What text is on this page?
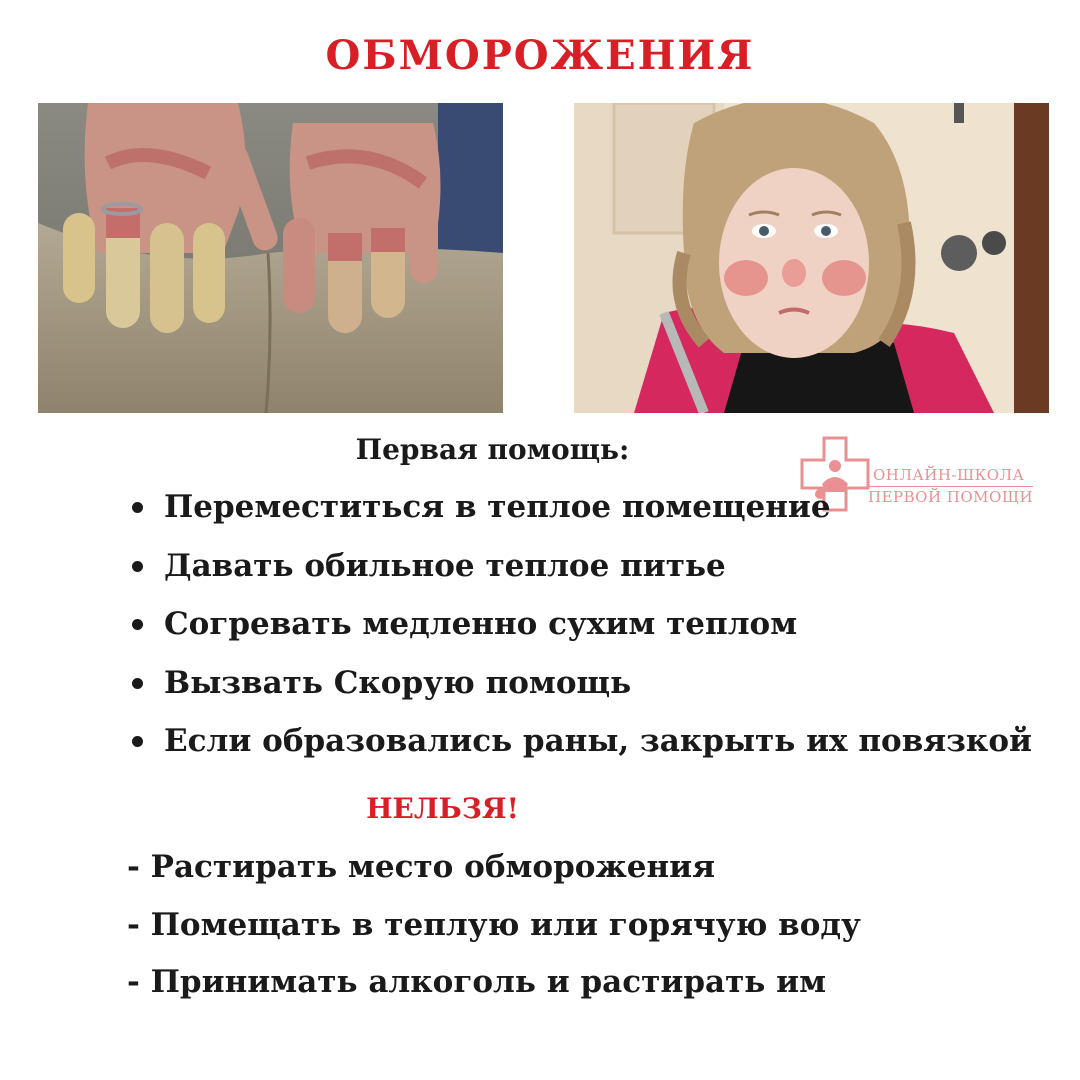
ОБМОРОЖЕНИЯ
ОНЛАЙН-ШКОЛА
ПЕРВОЙ ПОМОЩИ
Первая помощь:
Переместиться в теплое помещение
Давать обильное теплое питье
Согревать медленно сухим теплом
Вызвать Скорую помощь
Если образовались раны, закрыть их повязкой
НЕЛЬЗЯ!
- Растирать место обморожения
- Помещать в теплую или горячую воду
- Принимать алкоголь и растирать им
